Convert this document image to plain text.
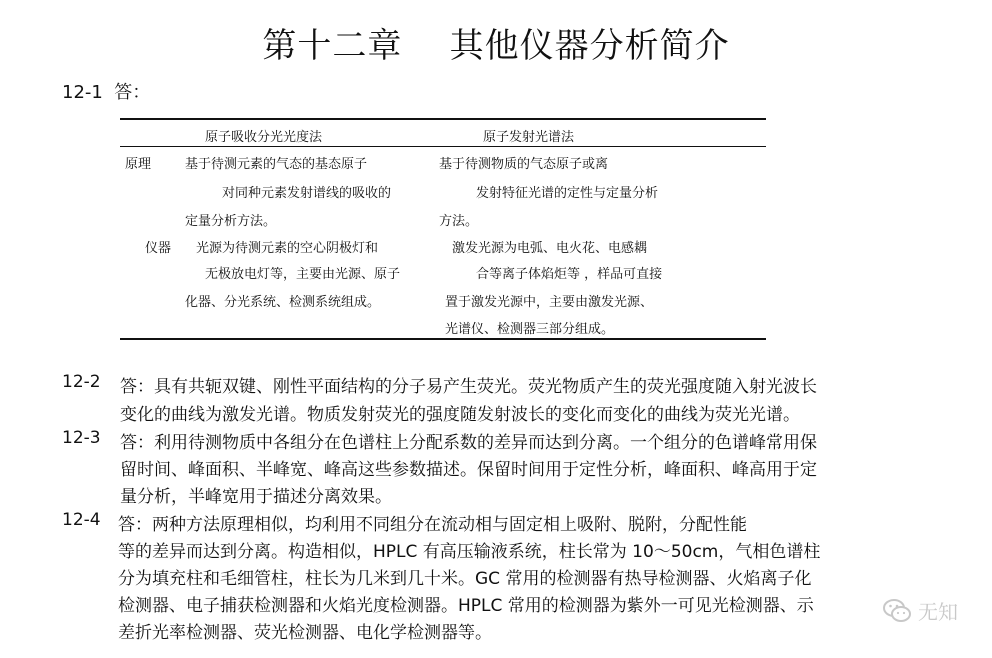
第十二章    其他仪器分析简介
12-1  答：
原子吸收分光光度法	原子发射光谱法
原理	基于待测元素的气态的基态原子
对同种元素发射谱线的吸收的
定量分析方法。
基于待测物质的气态原子或离
发射特征光谱的定性与定量分析
方法。
仪器 光源为待测元素的空心阴极灯和
无极放电灯等，主要由光源、原子
化器、分光系统、检测系统组成。
激发光源为电弧、电火花、电感耦
合等离子体焰炬等 ，样品可直接
置于激发光源中，主要由激发光源、
光谱仪、检测器三部分组成。
12-2 答：具有共轭双键、刚性平面结构的分子易产生荧光。荧光物质产生的荧光强度随入射光波长
变化的曲线为激发光谱。物质发射荧光的强度随发射波长的变化而变化的曲线为荧光光谱。
12-3 答：利用待测物质中各组分在色谱柱上分配系数的差异而达到分离。一个组分的色谱峰常用保
留时间、峰面积、半峰宽、峰高这些参数描述。保留时间用于定性分析，峰面积、峰高用于定
量分析，半峰宽用于描述分离效果。
12-4 答：两种方法原理相似，均利用不同组分在流动相与固定相上吸附、脱附，分配性能
等的差异而达到分离。构造相似，HPLC 有高压输液系统，柱长常为 10～50cm，气相色谱柱
分为填充柱和毛细管柱，柱长为几米到几十米。GC 常用的检测器有热导检测器、火焰离子化
检测器、电子捕获检测器和火焰光度检测器。HPLC 常用的检测器为紫外一可见光检测器、示
差折光率检测器、荧光检测器、电化学检测器等。
无知
